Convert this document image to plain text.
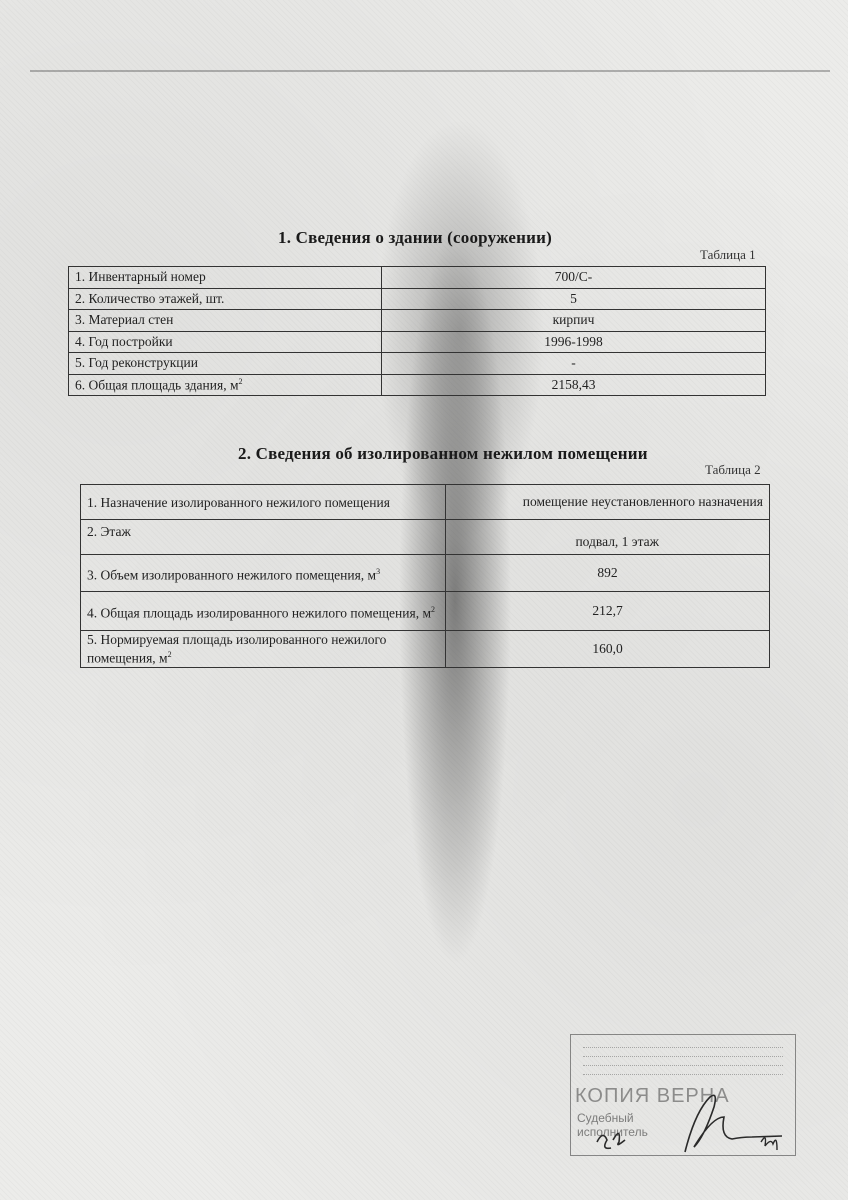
1. Сведения о здании (сооружении)
Таблица 1
1. Инвентарный номер	700/С-
2. Количество этажей, шт.	5
3. Материал стен	кирпич
4. Год постройки	1996-1998
5. Год реконструкции	-
6. Общая площадь здания, $м^2$	2158,43
2. Сведения об изолированном нежилом помещении
Таблица 2
1. Назначение изолированного нежилого помещения	помещение неустановленного назначения
2. Этаж	подвал, 1 этаж
3. Объем изолированного нежилого помещения, $м^3$	892
4. Общая площадь изолированного нежилого помещения, $м^2$	212,7
5. Нормируемая площадь изолированного нежилого помещения, $м^2$	160,0
КОПИЯ ВЕРНА
Судебный
исполнитель
